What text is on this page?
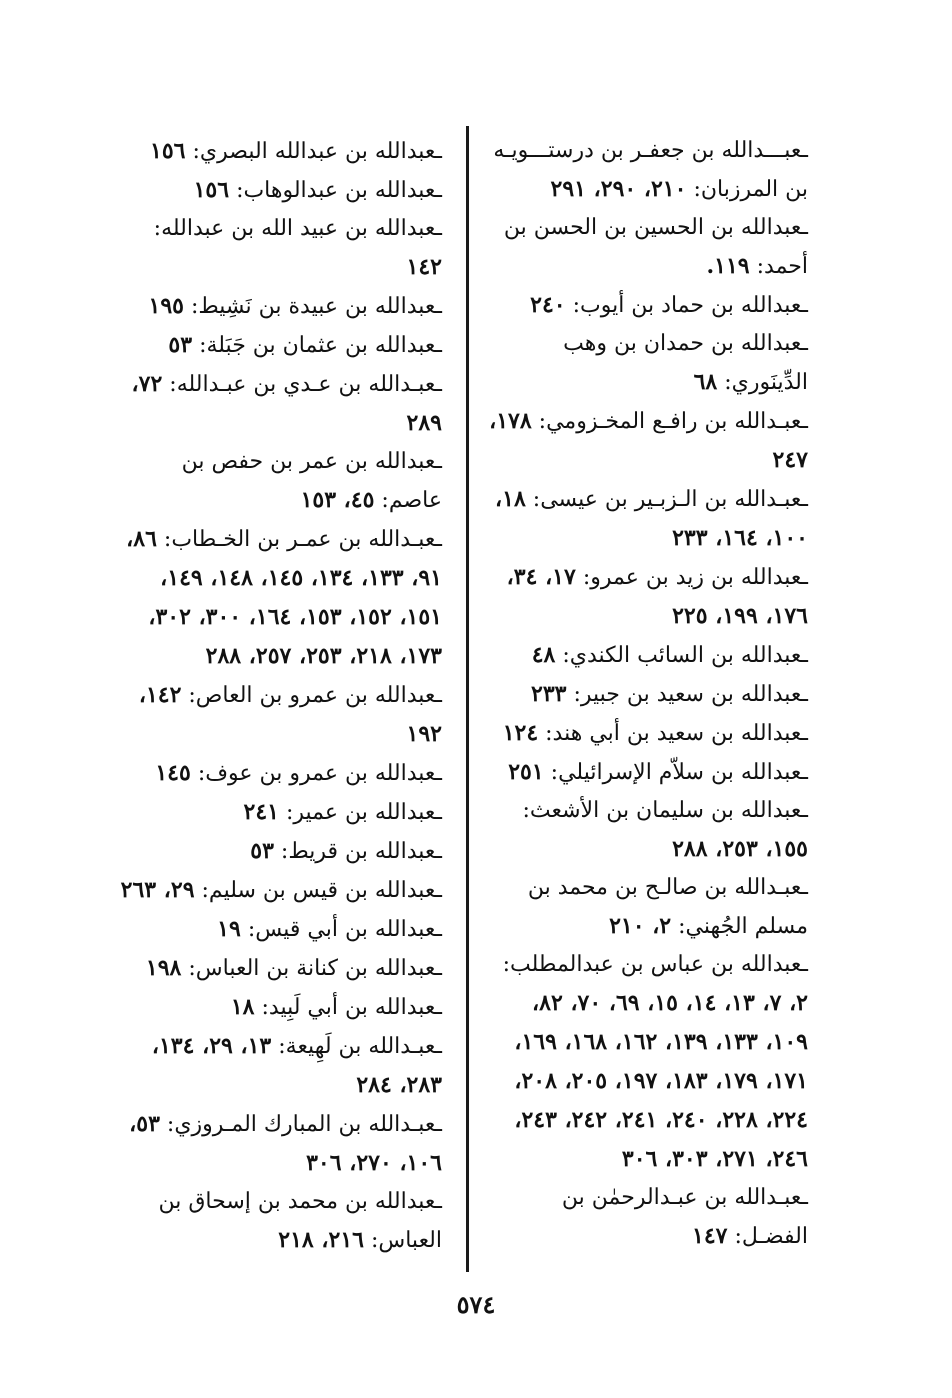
ـعبـــدالله بن جعفـر بن درستـــويـه بن المرزبان: ٢١٠، ٢٩٠، ٢٩١

ـعبدالله بن الحسين بن الحسن بن أحمد: ١١٩.

ـعبدالله بن حماد بن أيوب: ٢٤٠

ـعبدالله بن حمدان بن وهب الدِّينَوري: ٦٨

ـعبـدالله بن رافـع المخـزومي: ١٧٨، ٢٤٧

ـعبـدالله بن الـزبـير بن عيسى: ١٨، ١٠٠، ١٦٤، ٢٣٣

ـعبدالله بن زيد بن عمرو: ١٧، ٣٤، ١٧٦، ١٩٩، ٢٢٥

ـعبدالله بن السائب الكندي: ٤٨

ـعبدالله بن سعيد بن جبير: ٢٣٣

ـعبدالله بن سعيد بن أبي هند: ١٢٤

ـعبدالله بن سلاّم الإسرائيلي: ٢٥١

ـعبدالله بن سليمان بن الأشعث: ١٥٥، ٢٥٣، ٢٨٨

ـعبـدالله بن صالـح بن محمد بن مسلم الجُهني: ٢، ٢١٠

ـعبدالله بن عباس بن عبدالمطلب: ٢، ٧، ١٣، ١٤، ١٥، ٦٩، ٧٠، ٨٢، ١٠٩، ١٣٣، ١٣٩، ١٦٢، ١٦٨، ١٦٩، ١٧١، ١٧٩، ١٨٣، ١٩٧، ٢٠٥، ٢٠٨، ٢٢٤، ٢٢٨، ٢٤٠، ٢٤١، ٢٤٢، ٢٤٣، ٢٤٦، ٢٧١، ٣٠٣، ٣٠٦

ـعبـدالله بن عبـدالرحمٰن بن الفضـل: ١٤٧

ـعبدالله بن عبدالله البصري: ١٥٦

ـعبدالله بن عبدالوهاب: ١٥٦

ـعبدالله بن عبيد الله بن عبدالله: ١٤٢

ـعبدالله بن عبيدة بن نَشِيط: ١٩٥

ـعبدالله بن عثمان بن جَبَلة: ٥٣

ـعبـدالله بن عـدي بن عبـدالله: ٧٢، ٢٨٩

ـعبدالله بن عمر بن حفص بن عاصم: ٤٥، ١٥٣

ـعبـدالله بن عمـر بن الخـطاب: ٨٦، ٩١، ١٣٣، ١٣٤، ١٤٥، ١٤٨، ١٤٩، ١٥١، ١٥٢، ١٥٣، ١٦٤، ٣٠٠، ٣٠٢، ١٧٣، ٢١٨، ٢٥٣، ٢٥٧، ٢٨٨

ـعبدالله بن عمرو بن العاص: ١٤٢، ١٩٢

ـعبدالله بن عمرو بن عوف: ١٤٥

ـعبدالله بن عمير: ٢٤١

ـعبدالله بن قريط: ٥٣

ـعبدالله بن قيس بن سليم: ٢٩، ٢٦٣

ـعبدالله بن أبي قيس: ١٩

ـعبدالله بن كنانة بن العباس: ١٩٨

ـعبدالله بن أبي لَبِيد: ١٨

ـعبـدالله بن لَهِيعة: ١٣، ٢٩، ١٣٤، ٢٨٣، ٢٨٤

ـعبـدالله بن المبارك المـروزي: ٥٣، ١٠٦، ٢٧٠، ٣٠٦

ـعبدالله بن محمد بن إسحاق بن العباس: ٢١٦، ٢١٨

٥٧٤
